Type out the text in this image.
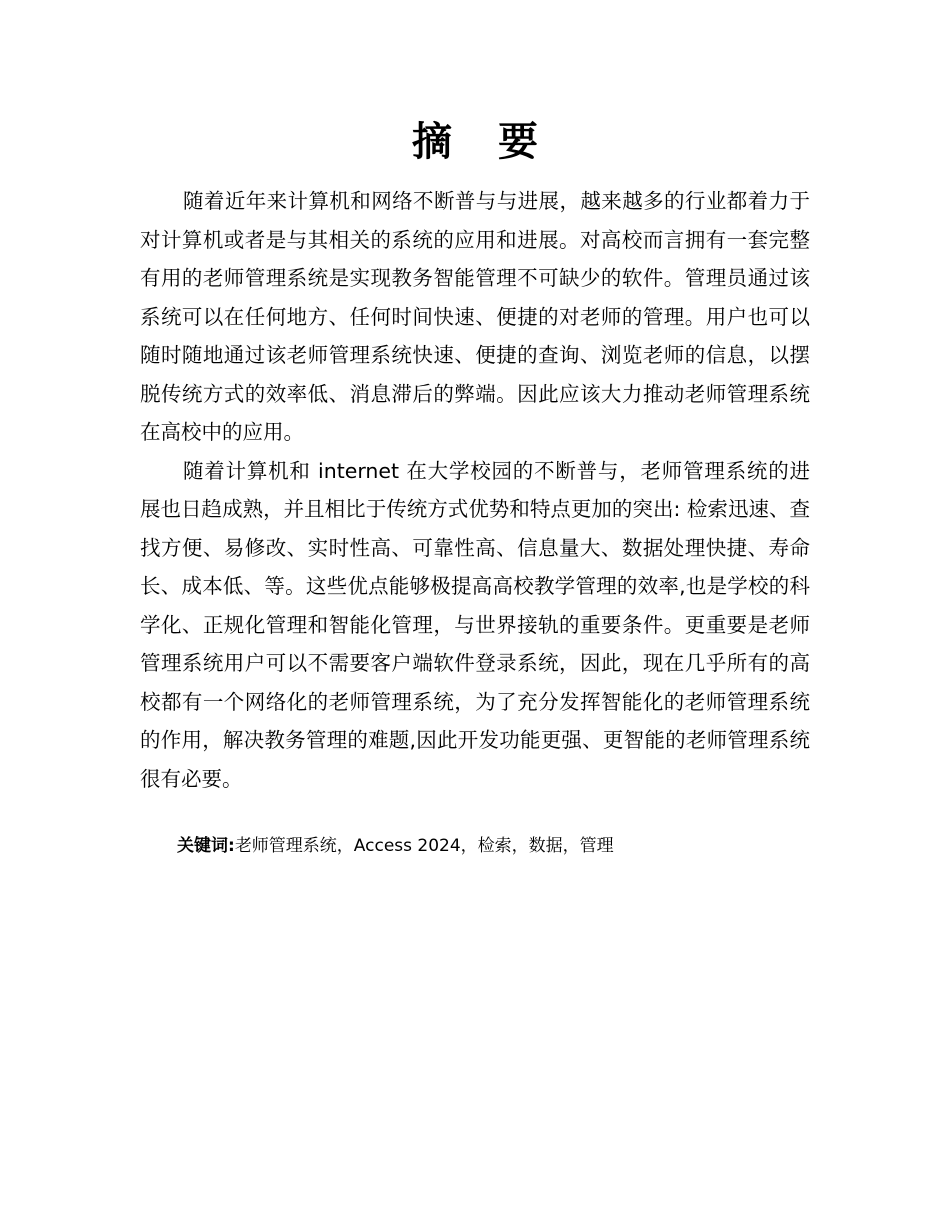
摘 要

随着近年来计算机和网络不断普与与进展，越来越多的行业都着力于对计算机或者是与其相关的系统的应用和进展。对高校而言拥有一套完整有用的老师管理系统是实现教务智能管理不可缺少的软件。管理员通过该系统可以在任何地方、任何时间快速、便捷的对老师的管理。用户也可以随时随地通过该老师管理系统快速、便捷的查询、浏览老师的信息，以摆脱传统方式的效率低、消息滞后的弊端。因此应该大力推动老师管理系统在高校中的应用。

随着计算机和 internet 在大学校园的不断普与，老师管理系统的进展也日趋成熟，并且相比于传统方式优势和特点更加的突出: 检索迅速、查找方便、易修改、实时性高、可靠性高、信息量大、数据处理快捷、寿命长、成本低、等。这些优点能够极提高高校教学管理的效率,也是学校的科学化、正规化管理和智能化管理，与世界接轨的重要条件。更重要是老师管理系统用户可以不需要客户端软件登录系统，因此，现在几乎所有的高校都有一个网络化的老师管理系统，为了充分发挥智能化的老师管理系统的作用，解决教务管理的难题,因此开发功能更强、更智能的老师管理系统很有必要。

关键词:老师管理系统，Access 2024，检索，数据，管理
